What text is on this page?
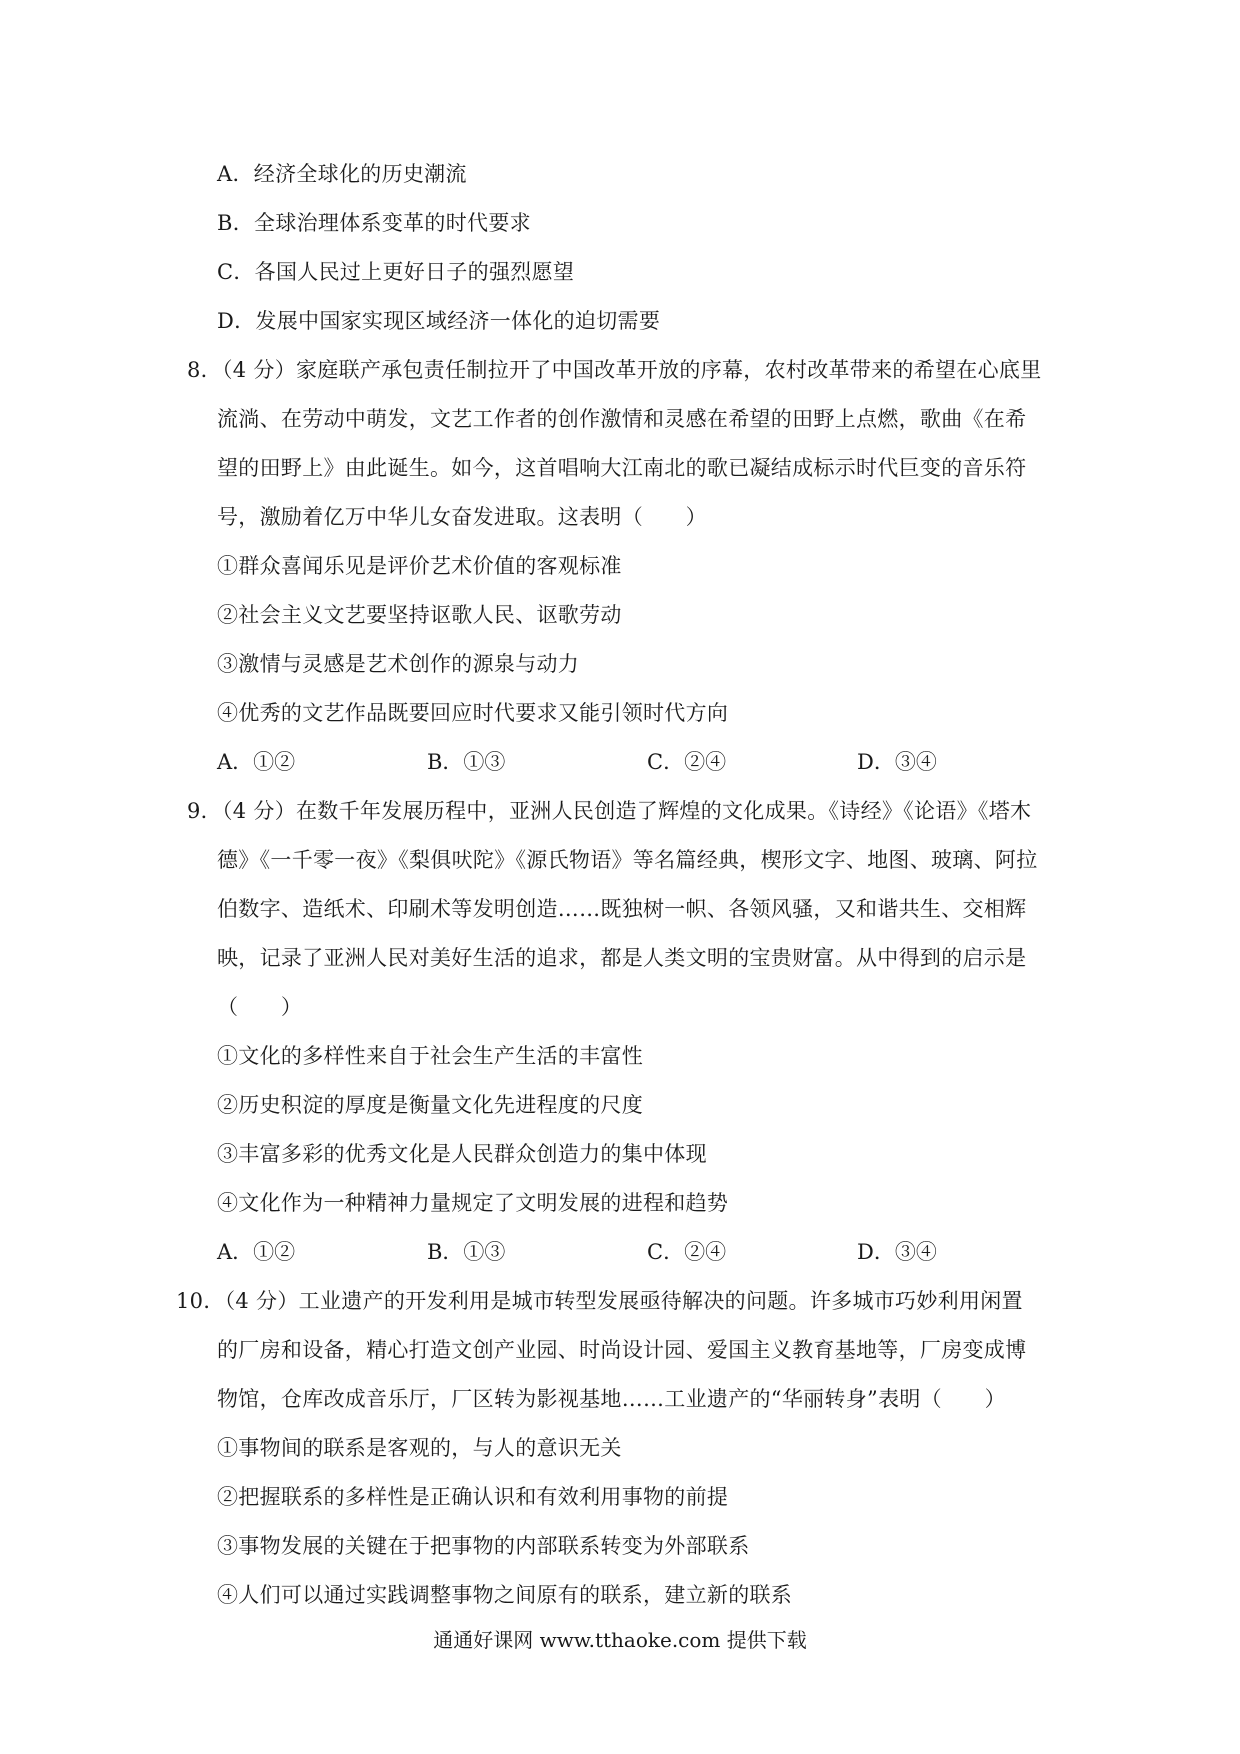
A．经济全球化的历史潮流
B．全球治理体系变革的时代要求
C．各国人民过上更好日子的强烈愿望
D．发展中国家实现区域经济一体化的迫切需要
8．（4 分）家庭联产承包责任制拉开了中国改革开放的序幕，农村改革带来的希望在心底里
流淌、在劳动中萌发，文艺工作者的创作激情和灵感在希望的田野上点燃，歌曲《在希
望的田野上》由此诞生。如今，这首唱响大江南北的歌已凝结成标示时代巨变的音乐符
号，激励着亿万中华儿女奋发进取。这表明（　　）
①群众喜闻乐见是评价艺术价值的客观标准
②社会主义文艺要坚持讴歌人民、讴歌劳动
③激情与灵感是艺术创作的源泉与动力
④优秀的文艺作品既要回应时代要求又能引领时代方向
A．①②	B．①③	C．②④	D．③④
9．（4 分）在数千年发展历程中，亚洲人民创造了辉煌的文化成果。《诗经》《论语》《塔木
德》《一千零一夜》《梨俱吠陀》《源氏物语》等名篇经典，楔形文字、地图、玻璃、阿拉
伯数字、造纸术、印刷术等发明创造……既独树一帜、各领风骚，又和谐共生、交相辉
映，记录了亚洲人民对美好生活的追求，都是人类文明的宝贵财富。从中得到的启示是
（　　）
①文化的多样性来自于社会生产生活的丰富性
②历史积淀的厚度是衡量文化先进程度的尺度
③丰富多彩的优秀文化是人民群众创造力的集中体现
④文化作为一种精神力量规定了文明发展的进程和趋势
A．①②	B．①③	C．②④	D．③④
10．（4 分）工业遗产的开发利用是城市转型发展亟待解决的问题。许多城市巧妙利用闲置
的厂房和设备，精心打造文创产业园、时尚设计园、爱国主义教育基地等，厂房变成博
物馆，仓库改成音乐厅，厂区转为影视基地……工业遗产的“华丽转身”表明（　　）
①事物间的联系是客观的，与人的意识无关
②把握联系的多样性是正确认识和有效利用事物的前提
③事物发展的关键在于把事物的内部联系转变为外部联系
④人们可以通过实践调整事物之间原有的联系，建立新的联系
通通好课网 www.tthaoke.com 提供下载
